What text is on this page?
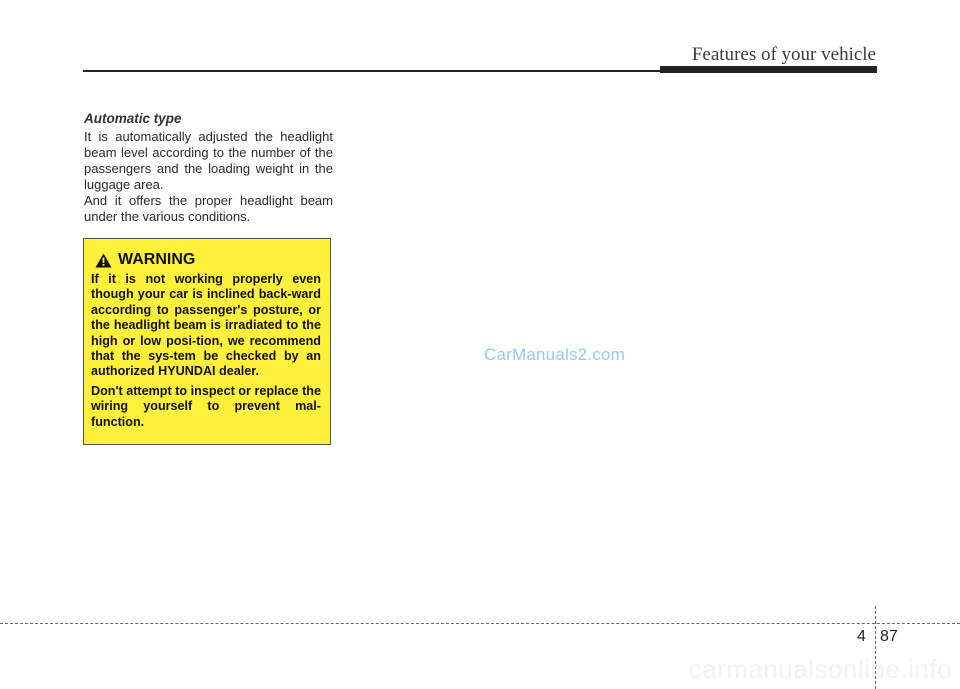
Features of your vehicle
Automatic type

It is automatically adjusted the headlight beam level according to the number of the passengers and the loading weight in the luggage area.

And it offers the proper headlight beam under the various conditions.

WARNING

If it is not working properly even though your car is inclined back-ward according to passenger's posture, or the headlight beam is irradiated to the high or low posi-tion, we recommend that the sys-tem be checked by an authorized HYUNDAI dealer.

Don't attempt to inspect or replace the wiring yourself to prevent mal-function.

CarManuals2.com
4 87
carmanualsonline.info
